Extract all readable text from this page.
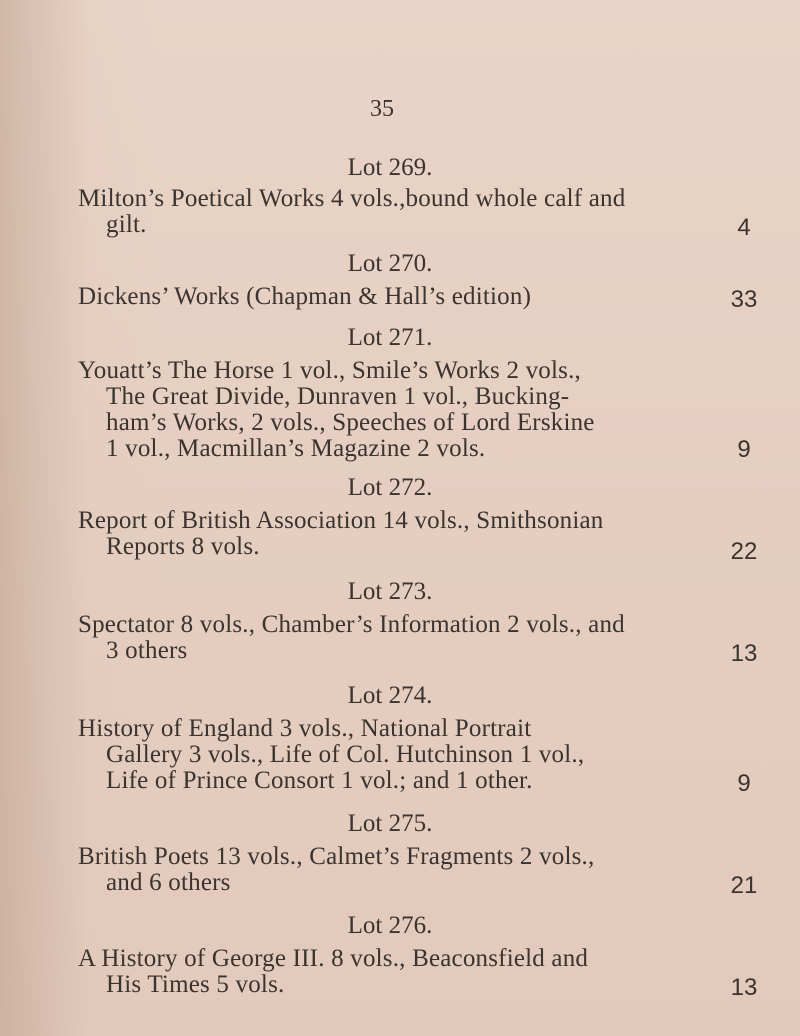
35
Lot 269.
Milton’s Poetical Works 4 vols.,bound whole calf and
gilt.	4
Lot 270.
Dickens’ Works (Chapman & Hall’s edition)	33
Lot 271.
Youatt’s The Horse 1 vol., Smile’s Works 2 vols.,
The Great Divide, Dunraven 1 vol., Bucking-
ham’s Works, 2 vols., Speeches of Lord Erskine
1 vol., Macmillan’s Magazine 2 vols.	9
Lot 272.
Report of British Association 14 vols., Smithsonian
Reports 8 vols.	22
Lot 273.
Spectator 8 vols., Chamber’s Information 2 vols., and
3 others	13
Lot 274.
History of England 3 vols., National Portrait
Gallery 3 vols., Life of Col. Hutchinson 1 vol.,
Life of Prince Consort 1 vol.; and 1 other.	9
Lot 275.
British Poets 13 vols., Calmet’s Fragments 2 vols.,
and 6 others	21
Lot 276.
A History of George III. 8 vols., Beaconsfield and
His Times 5 vols.	13
